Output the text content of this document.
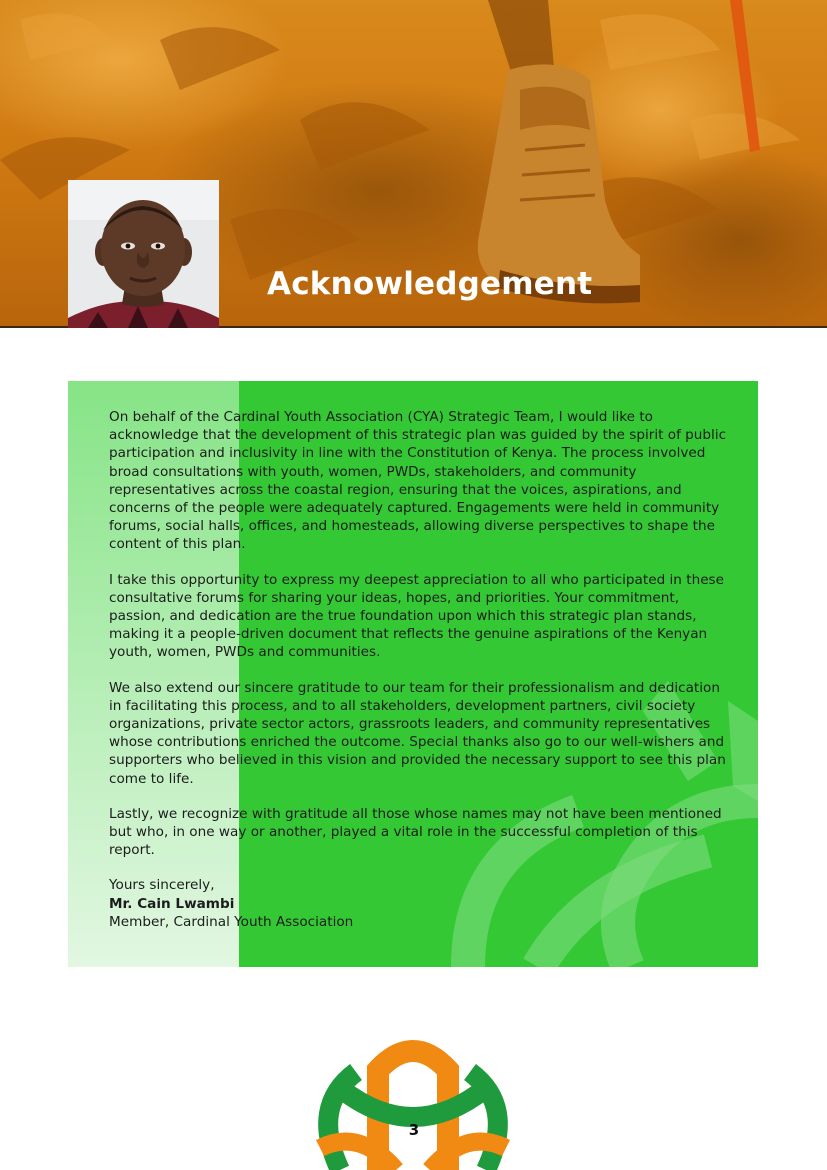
Acknowledgement

On behalf of the Cardinal Youth Association (CYA) Strategic Team, I would like to acknowledge that the development of this strategic plan was guided by the spirit of public participation and inclusivity in line with the Constitution of Kenya. The process involved broad consultations with youth, women, PWDs, stakeholders, and community representatives across the coastal region, ensuring that the voices, aspirations, and concerns of the people were adequately captured. Engagements were held in community forums, social halls, offices, and homesteads, allowing diverse perspectives to shape the content of this plan.

I take this opportunity to express my deepest appreciation to all who participated in these consultative forums for sharing your ideas, hopes, and priorities. Your commitment, passion, and dedication are the true foundation upon which this strategic plan stands, making it a people-driven document that reflects the genuine aspirations of the Kenyan youth, women, PWDs and communities.

We also extend our sincere gratitude to our team for their professionalism and dedication in facilitating this process, and to all stakeholders, development partners, civil society organizations, private sector actors, grassroots leaders, and community representatives whose contributions enriched the outcome. Special thanks also go to our well-wishers and supporters who believed in this vision and provided the necessary support to see this plan come to life.

Lastly, we recognize with gratitude all those whose names may not have been mentioned but who, in one way or another, played a vital role in the successful completion of this report.

Yours sincerely,
Mr. Cain Lwambi
Member, Cardinal Youth Association
3
